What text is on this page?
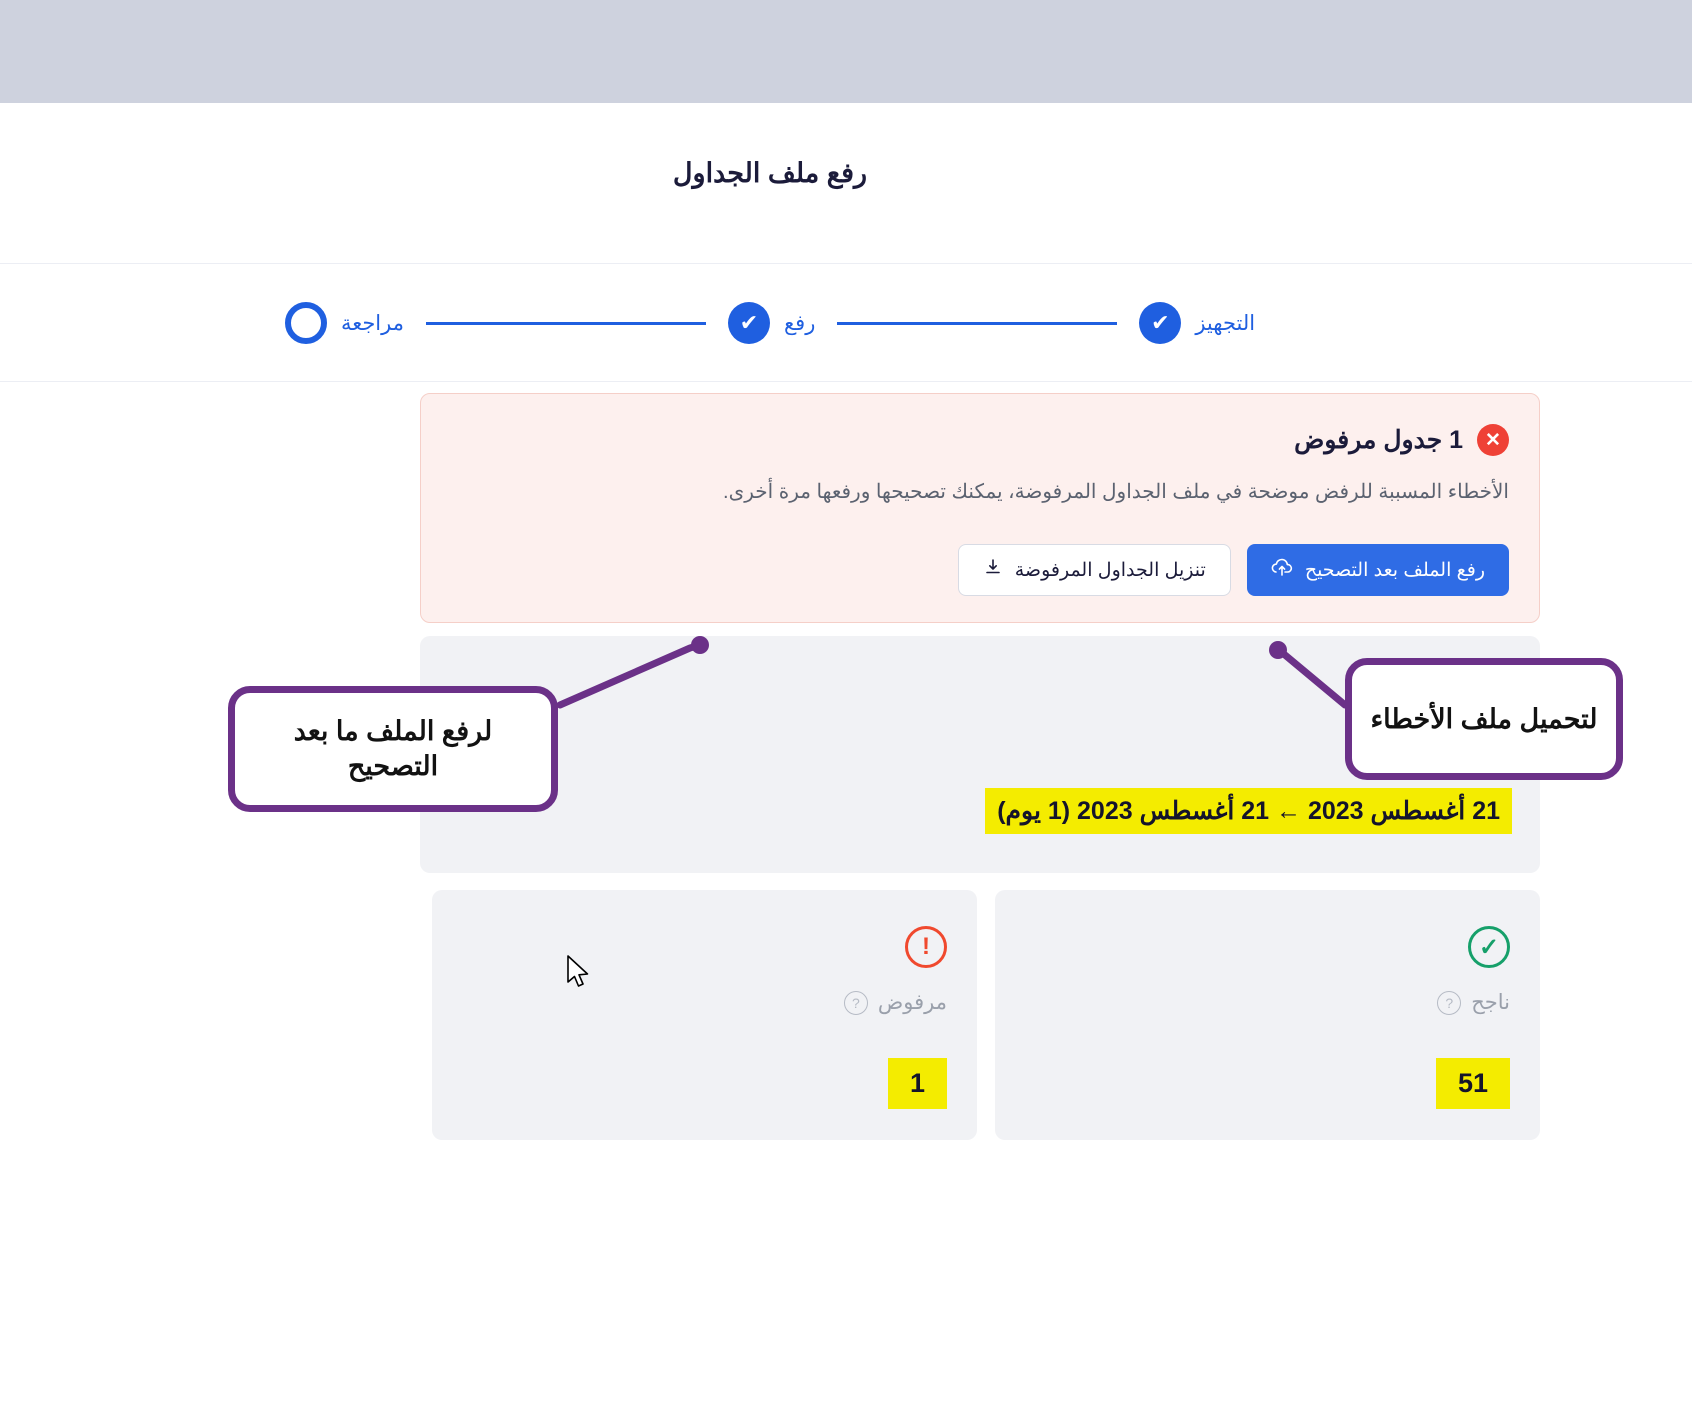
رفع ملف الجداول
التجهيز
✔
رفع
✔
مراجعة
✕
1 جدول مرفوض
الأخطاء المسببة للرفض موضحة في ملف الجداول المرفوضة، يمكنك تصحيحها ورفعها مرة أخرى.
رفع الملف بعد التصحيح
تنزيل الجداول المرفوضة
21 أغسطس 2023 ← 21 أغسطس 2023 (1 يوم)
✓
ناجح
?
51
!
مرفوض
?
1
لرفع الملف ما بعد التصحيح
لتحميل ملف الأخطاء
